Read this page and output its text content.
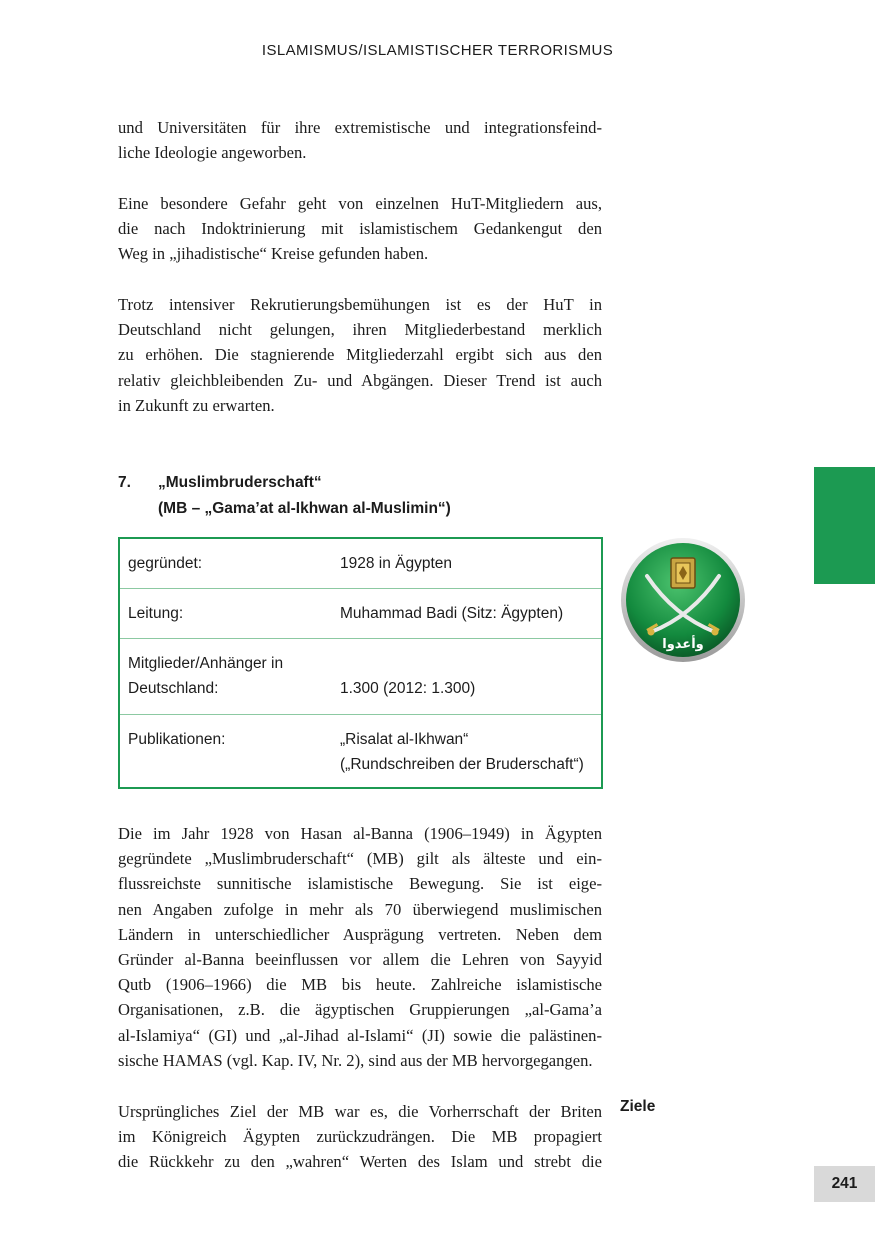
ISLAMISMUS/ISLAMISTISCHER TERRORISMUS
und Universitäten für ihre extremistische und integrationsfeind-
liche Ideologie angeworben.
Eine besondere Gefahr geht von einzelnen HuT-Mitgliedern aus,
die nach Indoktrinierung mit islamistischem Gedankengut den
Weg in „jihadistische“ Kreise gefunden haben.
Trotz intensiver Rekrutierungsbemühungen ist es der HuT in
Deutschland nicht gelungen, ihren Mitgliederbestand merklich
zu erhöhen. Die stagnierende Mitgliederzahl ergibt sich aus den
relativ gleichbleibenden Zu- und Abgängen. Dieser Trend ist auch
in Zukunft zu erwarten.
7. „Muslimbruderschaft“
(MB – „Gama’at al-Ikhwan al-Muslimin“)
gegründet:	1928 in Ägypten
Leitung:	Muhammad Badi (Sitz: Ägypten)
Mitglieder/Anhänger in
Deutschland:	1.300 (2012: 1.300)
Publikationen:	„Risalat al-Ikhwan“
(„Rundschreiben der Bruderschaft“)
وأعدوا
Die im Jahr 1928 von Hasan al-Banna (1906–1949) in Ägypten
gegründete „Muslimbruderschaft“ (MB) gilt als älteste und ein-
flussreichste sunnitische islamistische Bewegung. Sie ist eige-
nen Angaben zufolge in mehr als 70 überwiegend muslimischen
Ländern in unterschiedlicher Ausprägung vertreten. Neben dem
Gründer al-Banna beeinflussen vor allem die Lehren von Sayyid
Qutb (1906–1966) die MB bis heute. Zahlreiche islamistische
Organisationen, z.B. die ägyptischen Gruppierungen „al-Gama’a
al-Islamiya“ (GI) und „al-Jihad al-Islami“ (JI) sowie die palästinen-
sische HAMAS (vgl. Kap. IV, Nr. 2), sind aus der MB hervorgegangen.
Ursprüngliches Ziel der MB war es, die Vorherrschaft der Briten
im Königreich Ägypten zurückzudrängen. Die MB propagiert
die Rückkehr zu den „wahren“ Werten des Islam und strebt die
Ziele
241
